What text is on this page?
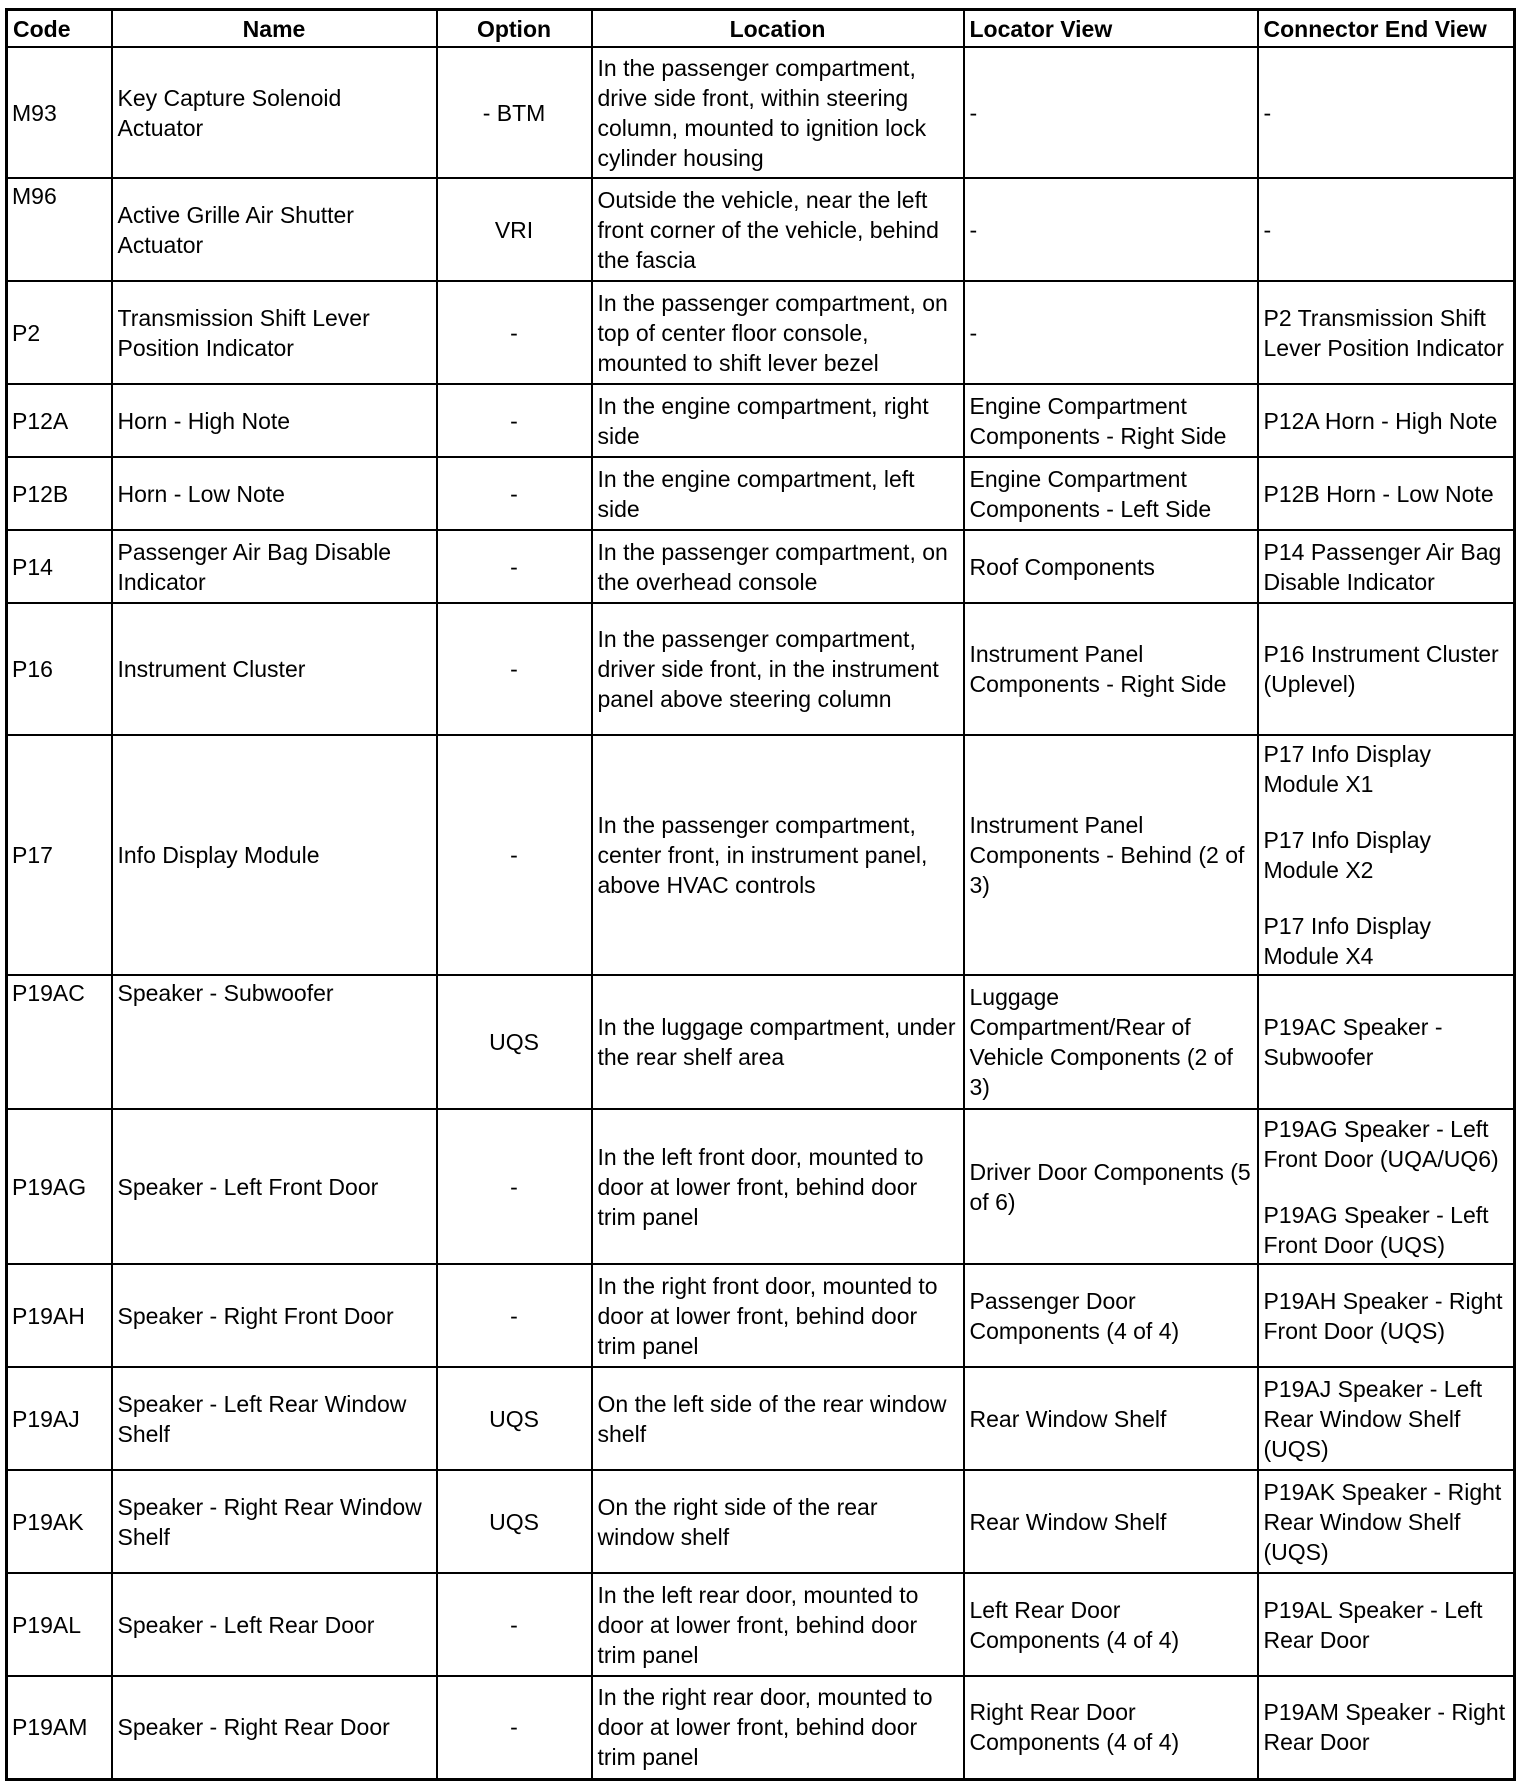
Code	Name	Option	Location	Locator View	Connector End View
M93	Key Capture Solenoid Actuator	- BTM	In the passenger compartment, drive side front, within steering column, mounted to ignition lock cylinder housing	-	-

M96	Active Grille Air Shutter Actuator	VRI	Outside the vehicle, near the left front corner of the vehicle, behind the fascia	-	-

P2	Transmission Shift Lever Position Indicator	-	In the passenger compartment, on top of center floor console, mounted to shift lever bezel	-	P2 Transmission Shift Lever Position Indicator

P12A	Horn - High Note	-	In the engine compartment, right side	Engine Compartment Components - Right Side	P12A Horn - High Note

P12B	Horn - Low Note	-	In the engine compartment, left side	Engine Compartment Components - Left Side	P12B Horn - Low Note

P14	Passenger Air Bag Disable Indicator	-	In the passenger compartment, on the overhead console	Roof Components	P14 Passenger Air Bag Disable Indicator

P16	Instrument Cluster	-	In the passenger compartment, driver side front, in the instrument panel above steering column	Instrument Panel Components - Right Side	P16 Instrument Cluster (Uplevel)

P17	Info Display Module	-	In the passenger compartment, center front, in instrument panel, above HVAC controls	Instrument Panel Components - Behind (2 of 3)	P17 Info Display Module X1
P17 Info Display Module X2
P17 Info Display Module X4

P19AC	Speaker - Subwoofer	UQS	In the luggage compartment, under the rear shelf area	Luggage Compartment/Rear of Vehicle Components (2 of 3)	P19AC Speaker - Subwoofer

P19AG	Speaker - Left Front Door	-	In the left front door, mounted to door at lower front, behind door trim panel	Driver Door Components (5 of 6)	P19AG Speaker - Left Front Door (UQA/UQ6)
P19AG Speaker - Left Front Door (UQS)

P19AH	Speaker - Right Front Door	-	In the right front door, mounted to door at lower front, behind door trim panel	Passenger Door Components (4 of 4)	P19AH Speaker - Right Front Door (UQS)

P19AJ	Speaker - Left Rear Window Shelf	UQS	On the left side of the rear window shelf	Rear Window Shelf	P19AJ Speaker - Left Rear Window Shelf (UQS)

P19AK	Speaker - Right Rear Window Shelf	UQS	On the right side of the rear window shelf	Rear Window Shelf	P19AK Speaker - Right Rear Window Shelf (UQS)

P19AL	Speaker - Left Rear Door	-	In the left rear door, mounted to door at lower front, behind door trim panel	Left Rear Door Components (4 of 4)	P19AL Speaker - Left Rear Door

P19AM	Speaker - Right Rear Door	-	In the right rear door, mounted to door at lower front, behind door trim panel	Right Rear Door Components (4 of 4)	P19AM Speaker - Right Rear Door
